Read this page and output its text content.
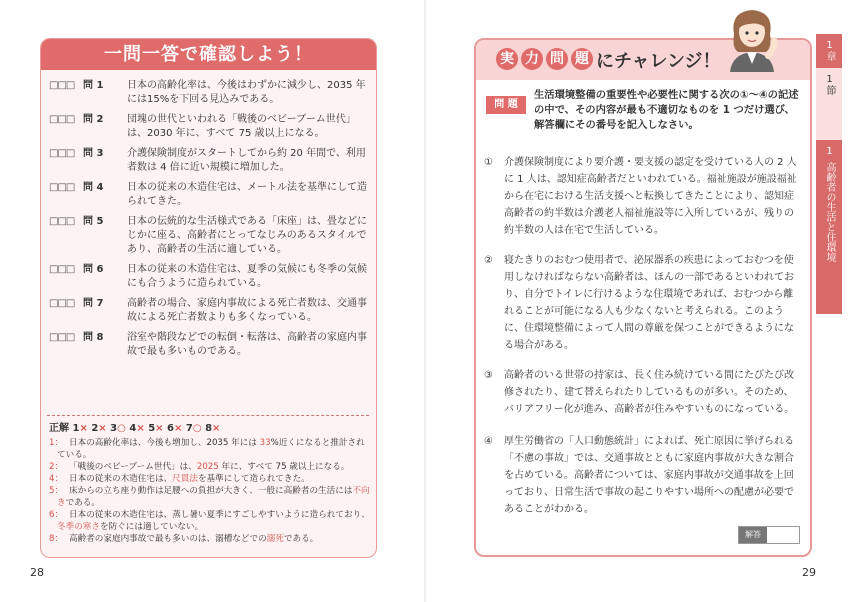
一問一答で確認しよう！
□□□ 問 1 日本の高齢化率は、今後はわずかに減少し、2035 年には15%を下回る見込みである。
□□□ 問 2 団塊の世代といわれる「戦後のベビーブーム世代」は、2030 年に、すべて 75 歳以上になる。
□□□ 問 3 介護保険制度がスタートしてから約 20 年間で、利用者数は 4 倍に近い規模に増加した。
□□□ 問 4 日本の従来の木造住宅は、メートル法を基準にして造られてきた。
□□□ 問 5 日本の伝統的な生活様式である「床座」は、畳などにじかに座る、高齢者にとってなじみのあるスタイルであり、高齢者の生活に適している。
□□□ 問 6 日本の従来の木造住宅は、夏季の気候にも冬季の気候にも合うように造られている。
□□□ 問 7 高齢者の場合、家庭内事故による死亡者数は、交通事故による死亡者数よりも多くなっている。
□□□ 問 8 浴室や階段などでの転倒・転落は、高齢者の家庭内事故で最も多いものである。
正解 1× 2× 3○ 4× 5× 6× 7○ 8×
1： 日本の高齢化率は、今後も増加し、2035 年には 33%近くになると推計されている。
2： 「戦後のベビーブーム世代」は、2025 年に、すべて 75 歳以上になる。
4： 日本の従来の木造住宅は、尺貫法を基準にして造られてきた。
5： 床からの立ち座り動作は足腰への負担が大きく、一般に高齢者の生活には不向きである。
6： 日本の従来の木造住宅は、蒸し暑い夏季にすごしやすいように造られており、冬季の寒さを防ぐには適していない。
8： 高齢者の家庭内事故で最も多いのは、溺槽などでの溺死である。
28
実 力 問 題 にチャレンジ！
問 題
生活環境整備の重要性や必要性に関する次の①～④の記述の中で、その内容が最も不適切なものを 1 つだけ選び、解答欄にその番号を記入しなさい。
① 介護保険制度により要介護・要支援の認定を受けている人の 2 人に 1 人は、認知症高齢者だといわれている。福祉施設が施設福祉から在宅における生活支援へと転換してきたことにより、認知症高齢者の約半数は介護老人福祉施設等に入所しているが、残りの約半数の人は在宅で生活している。
② 寝たきりのおむつ使用者で、泌尿器系の疾患によっておむつを使用しなければならない高齢者は、ほんの一部であるといわれており、自分でトイレに行けるような住環境であれば、おむつから離れることが可能になる人も少なくないと考えられる。このように、住環境整備によって人間の尊厳を保つことができるようになる場合がある。
③ 高齢者のいる世帯の持家は、長く住み続けている間にたびたび改修されたり、建て替えられたりしているものが多い。そのため、バリアフリー化が進み、高齢者が住みやすいものになっている。
④ 厚生労働省の「人口動態統計」によれば、死亡原因に挙げられる「不慮の事故」では、交通事故とともに家庭内事故が大きな割合を占めている。高齢者については、家庭内事故が交通事故を上回っており、日常生活で事故の起こりやすい場所への配慮が必要であることがわかる。
解答
29
1章
1節
1
高齢者の生活と住環境
